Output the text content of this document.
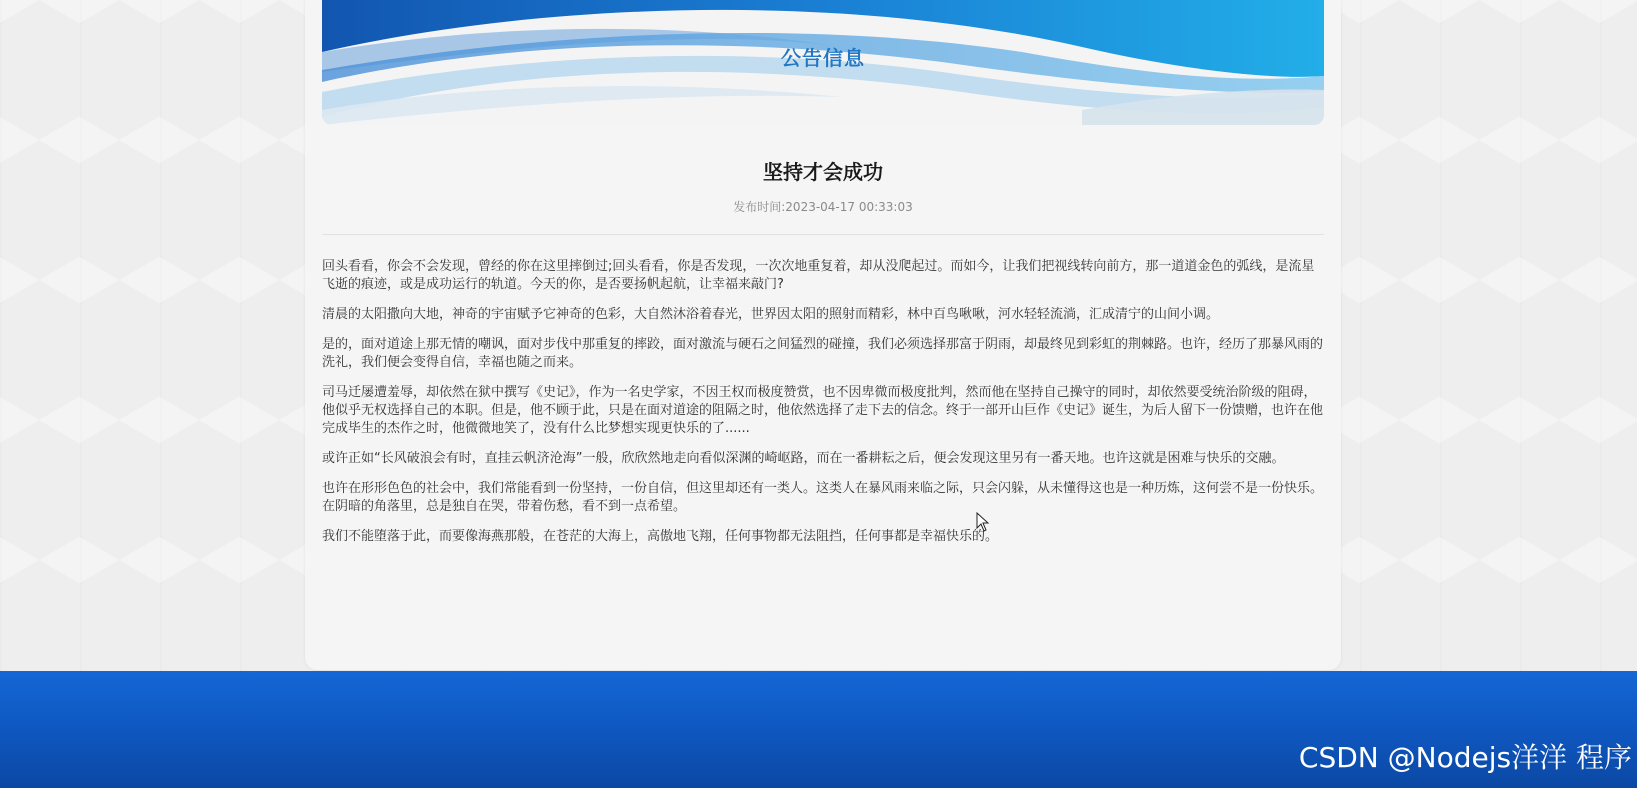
公告信息
坚持才会成功
发布时间:2023-04-17 00:33:03

回头看看，你会不会发现，曾经的你在这里摔倒过;回头看看，你是否发现，一次次地重复着，却从没爬起过。而如今，让我们把视线转向前方，那一道道金色的弧线，是流星飞逝的痕迹，或是成功运行的轨道。今天的你，是否要扬帆起航，让幸福来敲门?

清晨的太阳撒向大地，神奇的宇宙赋予它神奇的色彩，大自然沐浴着春光，世界因太阳的照射而精彩，林中百鸟啾啾，河水轻轻流淌，汇成清宁的山间小调。

是的，面对道途上那无情的嘲讽，面对步伐中那重复的摔跤，面对激流与硬石之间猛烈的碰撞，我们必须选择那富于阴雨，却最终见到彩虹的荆棘路。也许，经历了那暴风雨的洗礼，我们便会变得自信，幸福也随之而来。

司马迁屡遭羞辱，却依然在狱中撰写《史记》，作为一名史学家，不因王权而极度赞赏，也不因卑微而极度批判，然而他在坚持自己操守的同时，却依然要受统治阶级的阻碍，他似乎无权选择自己的本职。但是，他不顾于此，只是在面对道途的阻隔之时，他依然选择了走下去的信念。终于一部开山巨作《史记》诞生，为后人留下一份馈赠，也许在他完成毕生的杰作之时，他微微地笑了，没有什么比梦想实现更快乐的了......

或许正如“长风破浪会有时，直挂云帆济沧海”一般，欣欣然地走向看似深渊的崎岖路，而在一番耕耘之后，便会发现这里另有一番天地。也许这就是困难与快乐的交融。

也许在形形色色的社会中，我们常能看到一份坚持，一份自信，但这里却还有一类人。这类人在暴风雨来临之际，只会闪躲，从未懂得这也是一种历炼，这何尝不是一份快乐。在阴暗的角落里，总是独自在哭，带着伤愁，看不到一点希望。

我们不能堕落于此，而要像海燕那般，在苍茫的大海上，高傲地飞翔，任何事物都无法阻挡，任何事都是幸福快乐的。

CSDN @Nodejs洋洋 程序
